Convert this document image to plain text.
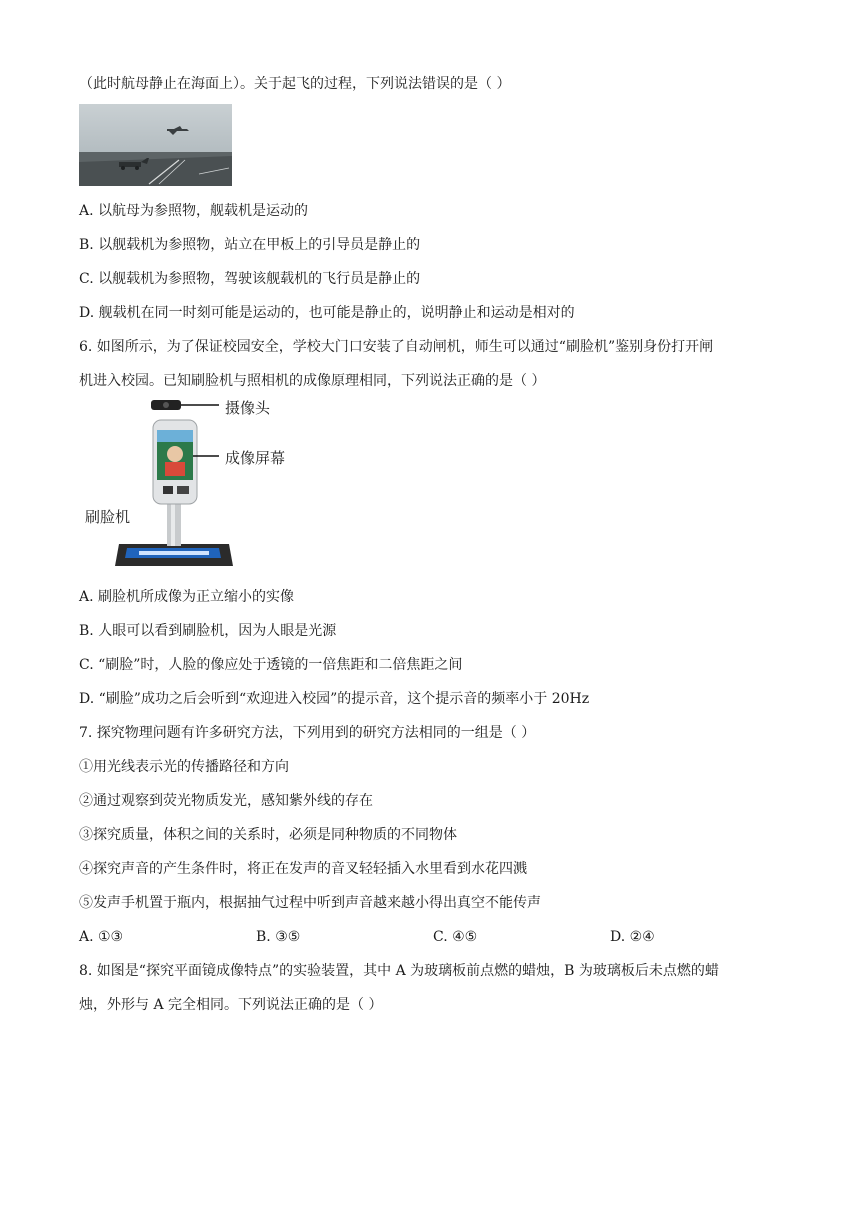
（此时航母静止在海面上）。关于起飞的过程，下列说法错误的是（ ）
A. 以航母为参照物，舰载机是运动的
B. 以舰载机为参照物，站立在甲板上的引导员是静止的
C. 以舰载机为参照物，驾驶该舰载机的飞行员是静止的
D. 舰载机在同一时刻可能是运动的，也可能是静止的，说明静止和运动是相对的
6. 如图所示，为了保证校园安全，学校大门口安装了自动闸机，师生可以通过“刷脸机”鉴别身份打开闸
机进入校园。已知刷脸机与照相机的成像原理相同，下列说法正确的是（ ）
摄像头
成像屏幕
刷脸机
A. 刷脸机所成像为正立缩小的实像
B. 人眼可以看到刷脸机，因为人眼是光源
C. “刷脸”时，人脸的像应处于透镜的一倍焦距和二倍焦距之间
D. “刷脸”成功之后会听到“欢迎进入校园”的提示音，这个提示音的频率小于 20Hz
7. 探究物理问题有许多研究方法，下列用到的研究方法相同的一组是（ ）
①用光线表示光的传播路径和方向
②通过观察到荧光物质发光，感知紫外线的存在
③探究质量，体积之间的关系时，必须是同种物质的不同物体
④探究声音的产生条件时，将正在发声的音叉轻轻插入水里看到水花四溅
⑤发声手机置于瓶内，根据抽气过程中听到声音越来越小得出真空不能传声
A. ①③	B. ③⑤	C. ④⑤	D. ②④
8. 如图是“探究平面镜成像特点”的实验装置，其中 A 为玻璃板前点燃的蜡烛，B 为玻璃板后未点燃的蜡
烛，外形与 A 完全相同。下列说法正确的是（ ）
